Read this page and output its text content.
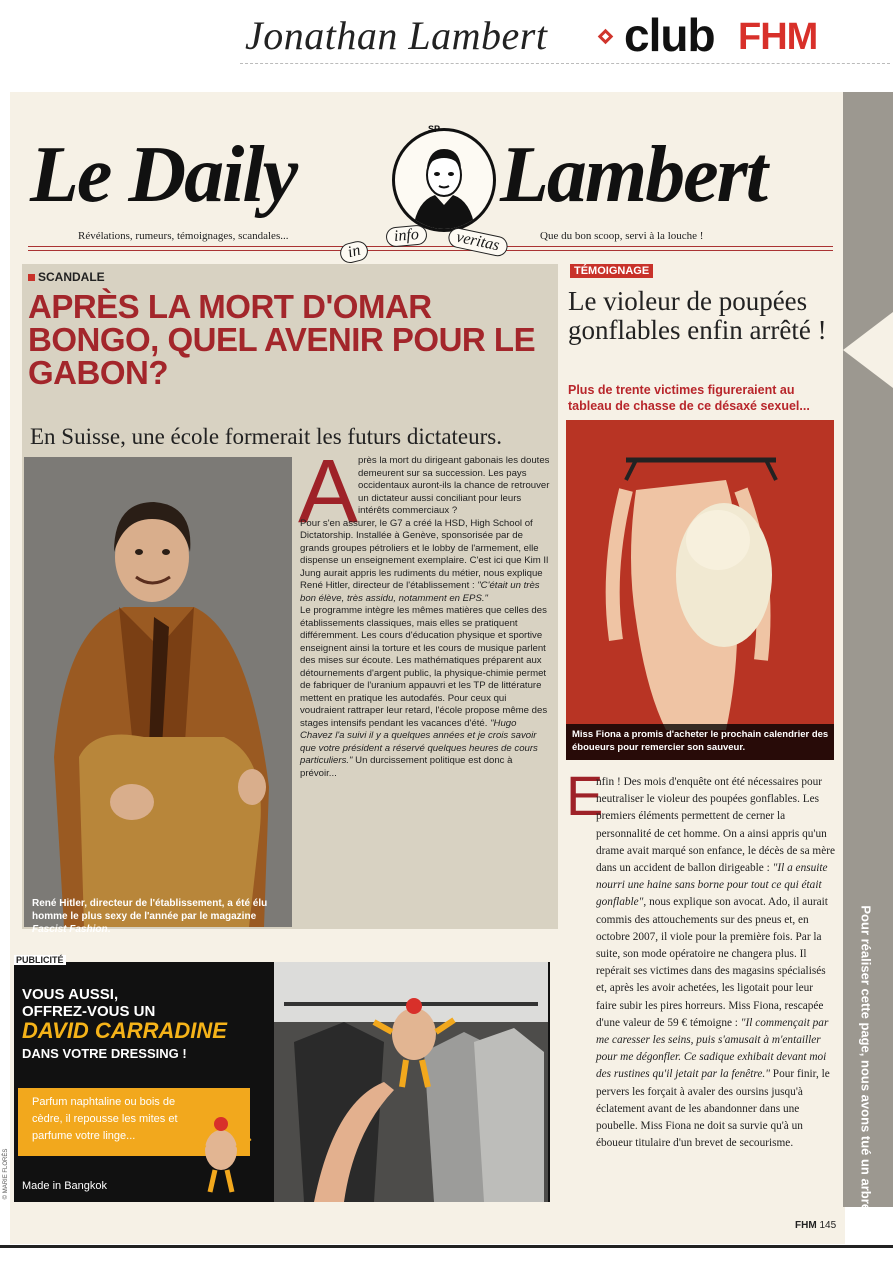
Jonathan Lambert club FHM
Pour réaliser cette page, nous avons tué un arbre.
Le Daily
SP
Lambert
Révélations, rumeurs, témoignages, scandales...	Que du bon scoop, servi à la louche !
in
info	veritas
SCANDALE
APRÈS LA MORT D'OMAR BONGO, QUEL AVENIR POUR LE GABON?
En Suisse, une école formerait les futurs dictateurs.
René Hitler, directeur de l'établissement, a été élu homme le plus sexy de l'année par le magazine Fascist Fashion.
A près la mort du dirigeant gabonais les doutes demeurent sur sa succession. Les pays occidentaux auront-ils la chance de retrouver un dictateur aussi conciliant pour leurs intérêts commerciaux ?

Pour s'en assurer, le G7 a créé la HSD, High School of Dictatorship. Installée à Genève, sponsorisée par de grands groupes pétroliers et le lobby de l'armement, elle dispense un enseignement exemplaire. C'est ici que Kim Il Jung aurait appris les rudiments du métier, nous explique René Hitler, directeur de l'établissement : "C'était un très bon élève, très assidu, notamment en EPS."

Le programme intègre les mêmes matières que celles des établissements classiques, mais elles se pratiquent différemment. Les cours d'éducation physique et sportive enseignent ainsi la torture et les cours de musique parlent des mises sur écoute. Les mathématiques préparent aux détournements d'argent public, la physique-chimie permet de fabriquer de l'uranium appauvri et les TP de littérature mettent en pratique les autodafés. Pour ceux qui voudraient rattraper leur retard, l'école propose même des stages intensifs pendant les vacances d'été. "Hugo Chavez l'a suivi il y a quelques années et je crois savoir que votre président a réservé quelques heures de cours particuliers." Un durcissement politique est donc à prévoir...

TÉMOIGNAGE
Le violeur de poupées gonflables enfin arrêté !
Plus de trente victimes figureraient au tableau de chasse de ce désaxé sexuel...
Miss Fiona a promis d'acheter le prochain calendrier des éboueurs pour remercier son sauveur.
E

nfin ! Des mois d'enquête ont été nécessaires pour neutraliser le violeur des poupées gonflables. Les premiers éléments permettent de cerner la personnalité de cet homme. On a ainsi appris qu'un drame avait marqué son enfance, le décès de sa mère dans un accident de ballon dirigeable : "Il a ensuite nourri une haine sans borne pour tout ce qui était gonflable", nous explique son avocat. Ado, il aurait commis des attouchements sur des pneus et, en octobre 2007, il viole pour la première fois. Par la suite, son mode opératoire ne changera plus. Il repérait ses victimes dans des magasins spécialisés et, après les avoir achetées, les ligotait pour leur faire subir les pires horreurs. Miss Fiona, rescapée d'une valeur de 59 € témoigne : "Il commençait par me caresser les seins, puis s'amusait à m'entailler pour me dégonfler. Ce sadique exhibait devant moi des rustines qu'il jetait par la fenêtre." Pour finir, le pervers les forçait à avaler des oursins jusqu'à éclatement avant de les abandonner dans une poubelle. Miss Fiona ne doit sa survie qu'à un éboueur titulaire d'un brevet de secourisme.

PUBLICITÉ
VOUS AUSSI,
OFFREZ-VOUS UN
DAVID CARRADINE
DANS VOTRE DRESSING !
Parfum naphtaline ou bois de cèdre, il repousse les mites et parfume votre linge...
Made in Bangkok
© MARIE FLORÈS
FHM 145
